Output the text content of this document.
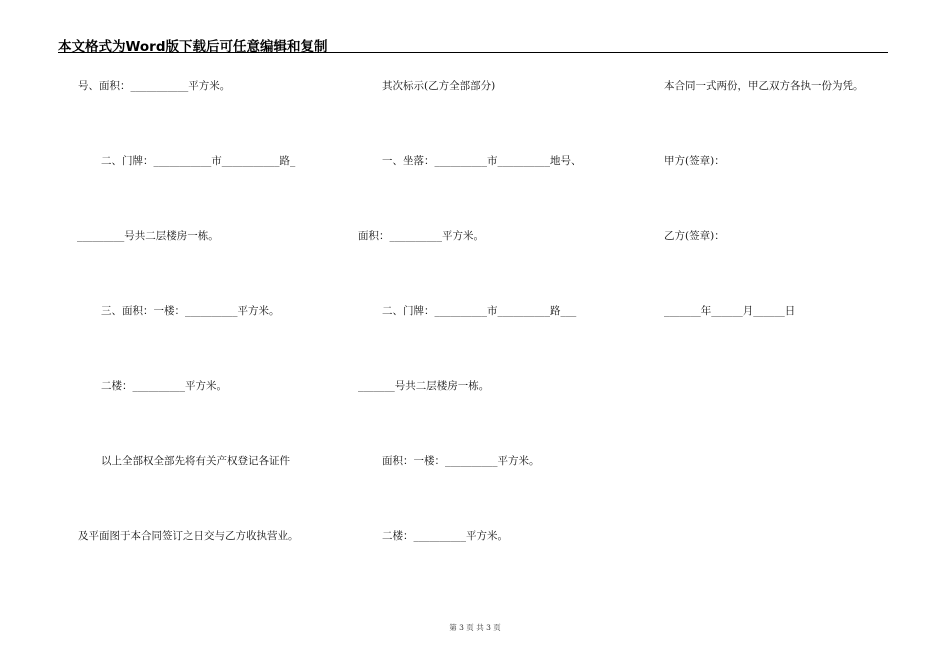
本文格式为Word版下载后可任意编辑和复制
号、面积：___________平方米。
二、门牌：___________市___________路_
_________号共二层楼房一栋。
三、面积：一楼：__________平方米。
二楼：__________平方米。
以上全部权全部先将有关产权登记各证件
及平面图于本合同签订之日交与乙方收执营业。
其次标示(乙方全部部分)
一、坐落：__________市__________地号、
面积：__________平方米。
二、门牌：__________市__________路___
_______号共二层楼房一栋。
面积：一楼：__________平方米。
二楼：__________平方米。
本合同一式两份，甲乙双方各执一份为凭。
甲方(签章)：
乙方(签章)：
_______年______月______日
第 3 页 共 3 页
